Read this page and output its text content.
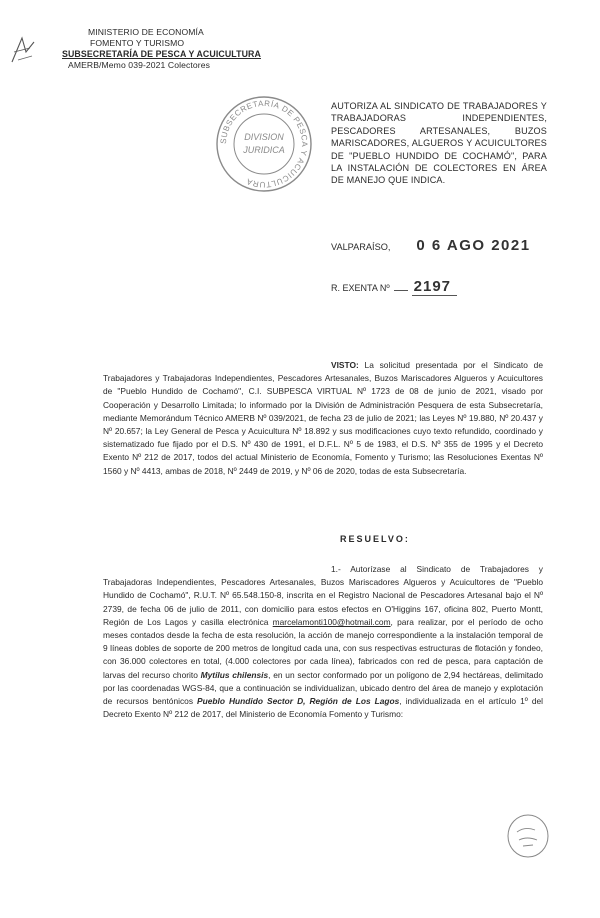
MINISTERIO DE ECONOMÍA
FOMENTO Y TURISMO
SUBSECRETARÍA DE PESCA Y ACUICULTURA
AMERB/Memo 039-2021 Colectores
SUBSECRETARÍA DE PESCA Y ACUICULTURA
DIVISION
JURIDICA
AUTORIZA AL SINDICATO DE TRABAJADORES Y TRABAJADORAS INDEPENDIENTES, PESCADORES ARTESANALES, BUZOS MARISCADORES, ALGUEROS Y ACUICULTORES DE "PUEBLO HUNDIDO DE COCHAMÓ", PARA LA INSTALACIÓN DE COLECTORES EN ÁREA DE MANEJO QUE INDICA.
VALPARAÍSO, 0 6 AGO 2021
R. EXENTA Nº 2197

VISTO: La solicitud presentada por el Sindicato de Trabajadores y Trabajadoras Independientes, Pescadores Artesanales, Buzos Mariscadores Algueros y Acuicultores de "Pueblo Hundido de Cochamó", C.I. SUBPESCA VIRTUAL Nº 1723 de 08 de junio de 2021, visado por Cooperación y Desarrollo Limitada; lo informado por la División de Administración Pesquera de esta Subsecretaría, mediante Memorándum Técnico AMERB Nº 039/2021, de fecha 23 de julio de 2021; las Leyes Nº 19.880, Nº 20.437 y Nº 20.657; la Ley General de Pesca y Acuicultura Nº 18.892 y sus modificaciones cuyo texto refundido, coordinado y sistematizado fue fijado por el D.S. Nº 430 de 1991, el D.F.L. Nº 5 de 1983, el D.S. Nº 355 de 1995 y el Decreto Exento Nº 212 de 2017, todos del actual Ministerio de Economía, Fomento y Turismo; las Resoluciones Exentas Nº 1560 y Nº 4413, ambas de 2018, Nº 2449 de 2019, y Nº 06 de 2020, todas de esta Subsecretaría.

RESUELVO:

1.- Autorízase al Sindicato de Trabajadores y Trabajadoras Independientes, Pescadores Artesanales, Buzos Mariscadores Algueros y Acuicultores de "Pueblo Hundido de Cochamó", R.U.T. Nº 65.548.150-8, inscrita en el Registro Nacional de Pescadores Artesanal bajo el Nº 2739, de fecha 06 de julio de 2011, con domicilio para estos efectos en O'Higgins 167, oficina 802, Puerto Montt, Región de Los Lagos y casilla electrónica marcelamonti100@hotmail.com, para realizar, por el período de ocho meses contados desde la fecha de esta resolución, la acción de manejo correspondiente a la instalación temporal de 9 líneas dobles de soporte de 200 metros de longitud cada una, con sus respectivas estructuras de flotación y fondeo, con 36.000 colectores en total, (4.000 colectores por cada línea), fabricados con red de pesca, para captación de larvas del recurso chorito Mytilus chilensis, en un sector conformado por un polígono de 2,94 hectáreas, delimitado por las coordenadas WGS-84, que a continuación se individualizan, ubicado dentro del área de manejo y explotación de recursos bentónicos Pueblo Hundido Sector D, Región de Los Lagos, individualizada en el artículo 1º del Decreto Exento Nº 212 de 2017, del Ministerio de Economía Fomento y Turismo:
